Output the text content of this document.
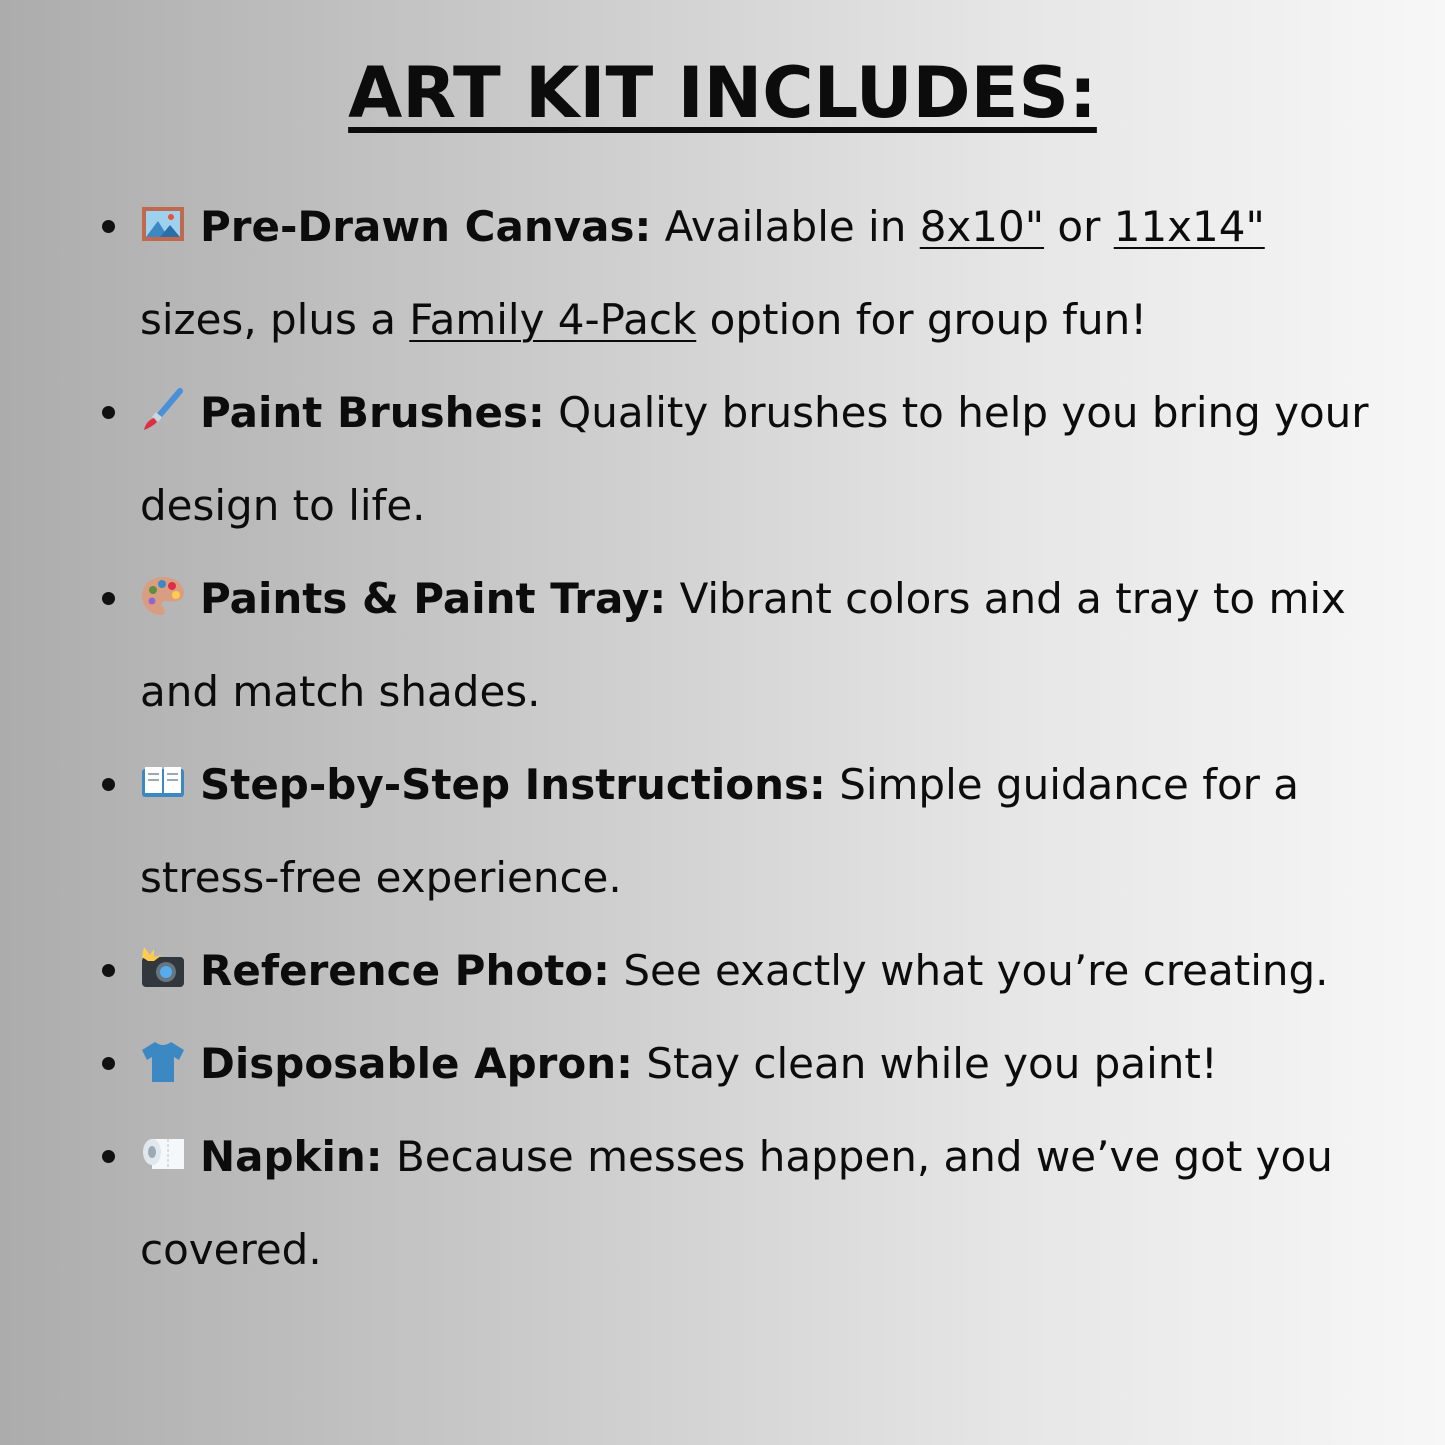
ART KIT INCLUDES:
Pre-Drawn Canvas: Available in 8x10" or 11x14" sizes, plus a Family 4-Pack option for group fun!
Paint Brushes: Quality brushes to help you bring your design to life.
Paints & Paint Tray: Vibrant colors and a tray to mix and match shades.
Step-by-Step Instructions: Simple guidance for a stress-free experience.
Reference Photo: See exactly what you’re creating.
Disposable Apron: Stay clean while you paint!
Napkin: Because messes happen, and we’ve got you covered.
